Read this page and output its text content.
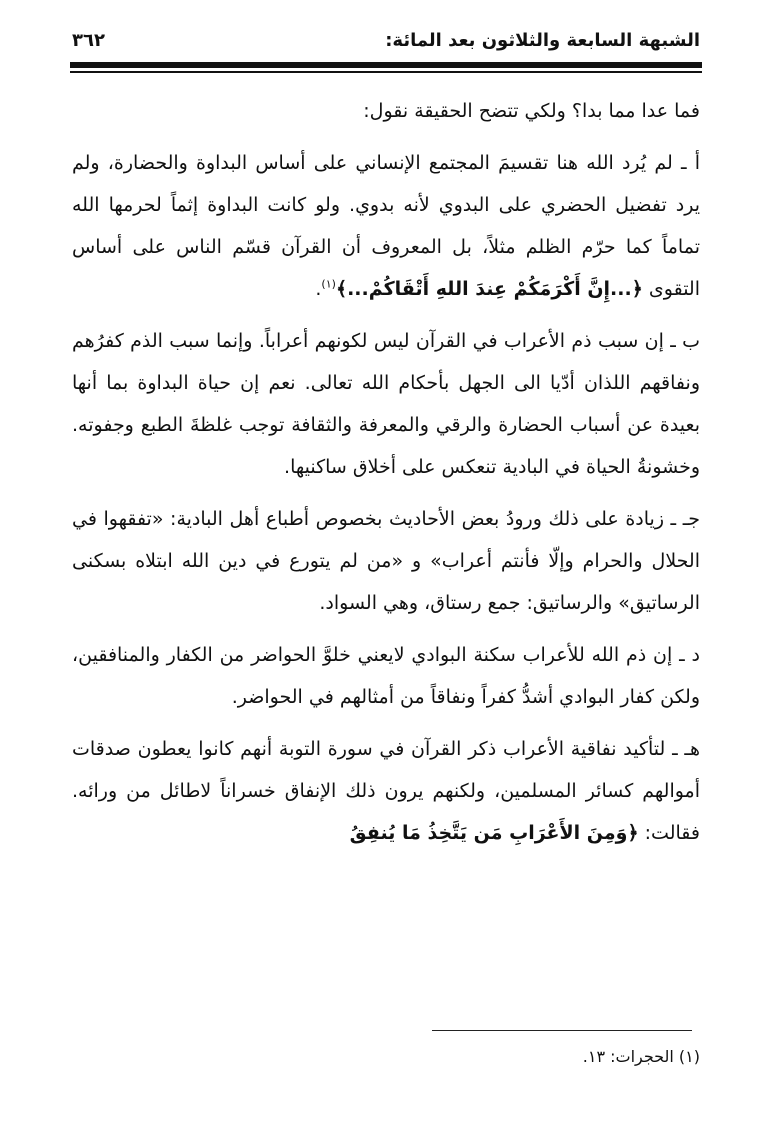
الشبهة السابعة والثلاثون بعد المائة:
٣٦٢

فما عدا مما بدا؟ ولكي تتضح الحقيقة نقول:

أ ـ لم يُرد الله هنا تقسيمَ المجتمع الإنساني على أساس البداوة والحضارة، ولم يرد تفضيل الحضري على البدوي لأنه بدوي. ولو كانت البداوة إثماً لحرمها الله تماماً كما حرّم الظلم مثلاً، بل المعروف أن القرآن قسّم الناس على أساس التقوى ﴿...إِنَّ أَكْرَمَكُمْ عِندَ اللهِ أَتْقَاكُمْ...﴾$^{(١)}$.

ب ـ إن سبب ذم الأعراب في القرآن ليس لكونهم أعراباً. وإنما سبب الذم كفرُهم ونفاقهم اللذان أدّيا الى الجهل بأحكام الله تعالى. نعم إن حياة البداوة بما أنها بعيدة عن أسباب الحضارة والرقي والمعرفة والثقافة توجب غلظةَ الطبع وجفوته. وخشونةُ الحياة في البادية تنعكس على أخلاق ساكنيها.

جـ ـ زيادة على ذلك ورودُ بعض الأحاديث بخصوص أطباع أهل البادية: «تفقهوا في الحلال والحرام وإلّا فأنتم أعراب» و «من لم يتورع في دين الله ابتلاه بسكنى الرساتيق» والرساتيق: جمع رستاق، وهي السواد.

د ـ إن ذم الله للأعراب سكنة البوادي لايعني خلوَّ الحواضر من الكفار والمنافقين، ولكن كفار البوادي أشدُّ كفراً ونفاقاً من أمثالهم في الحواضر.

هـ ـ لتأكيد نفاقية الأعراب ذكر القرآن في سورة التوبة أنهم كانوا يعطون صدقات أموالهم كسائر المسلمين، ولكنهم يرون ذلك الإنفاق خسراناً لاطائل من ورائه. فقالت: ﴿وَمِنَ الأَعْرَابِ مَن يَتَّخِذُ مَا يُنفِقُ

(١) الحجرات: ١٣.
